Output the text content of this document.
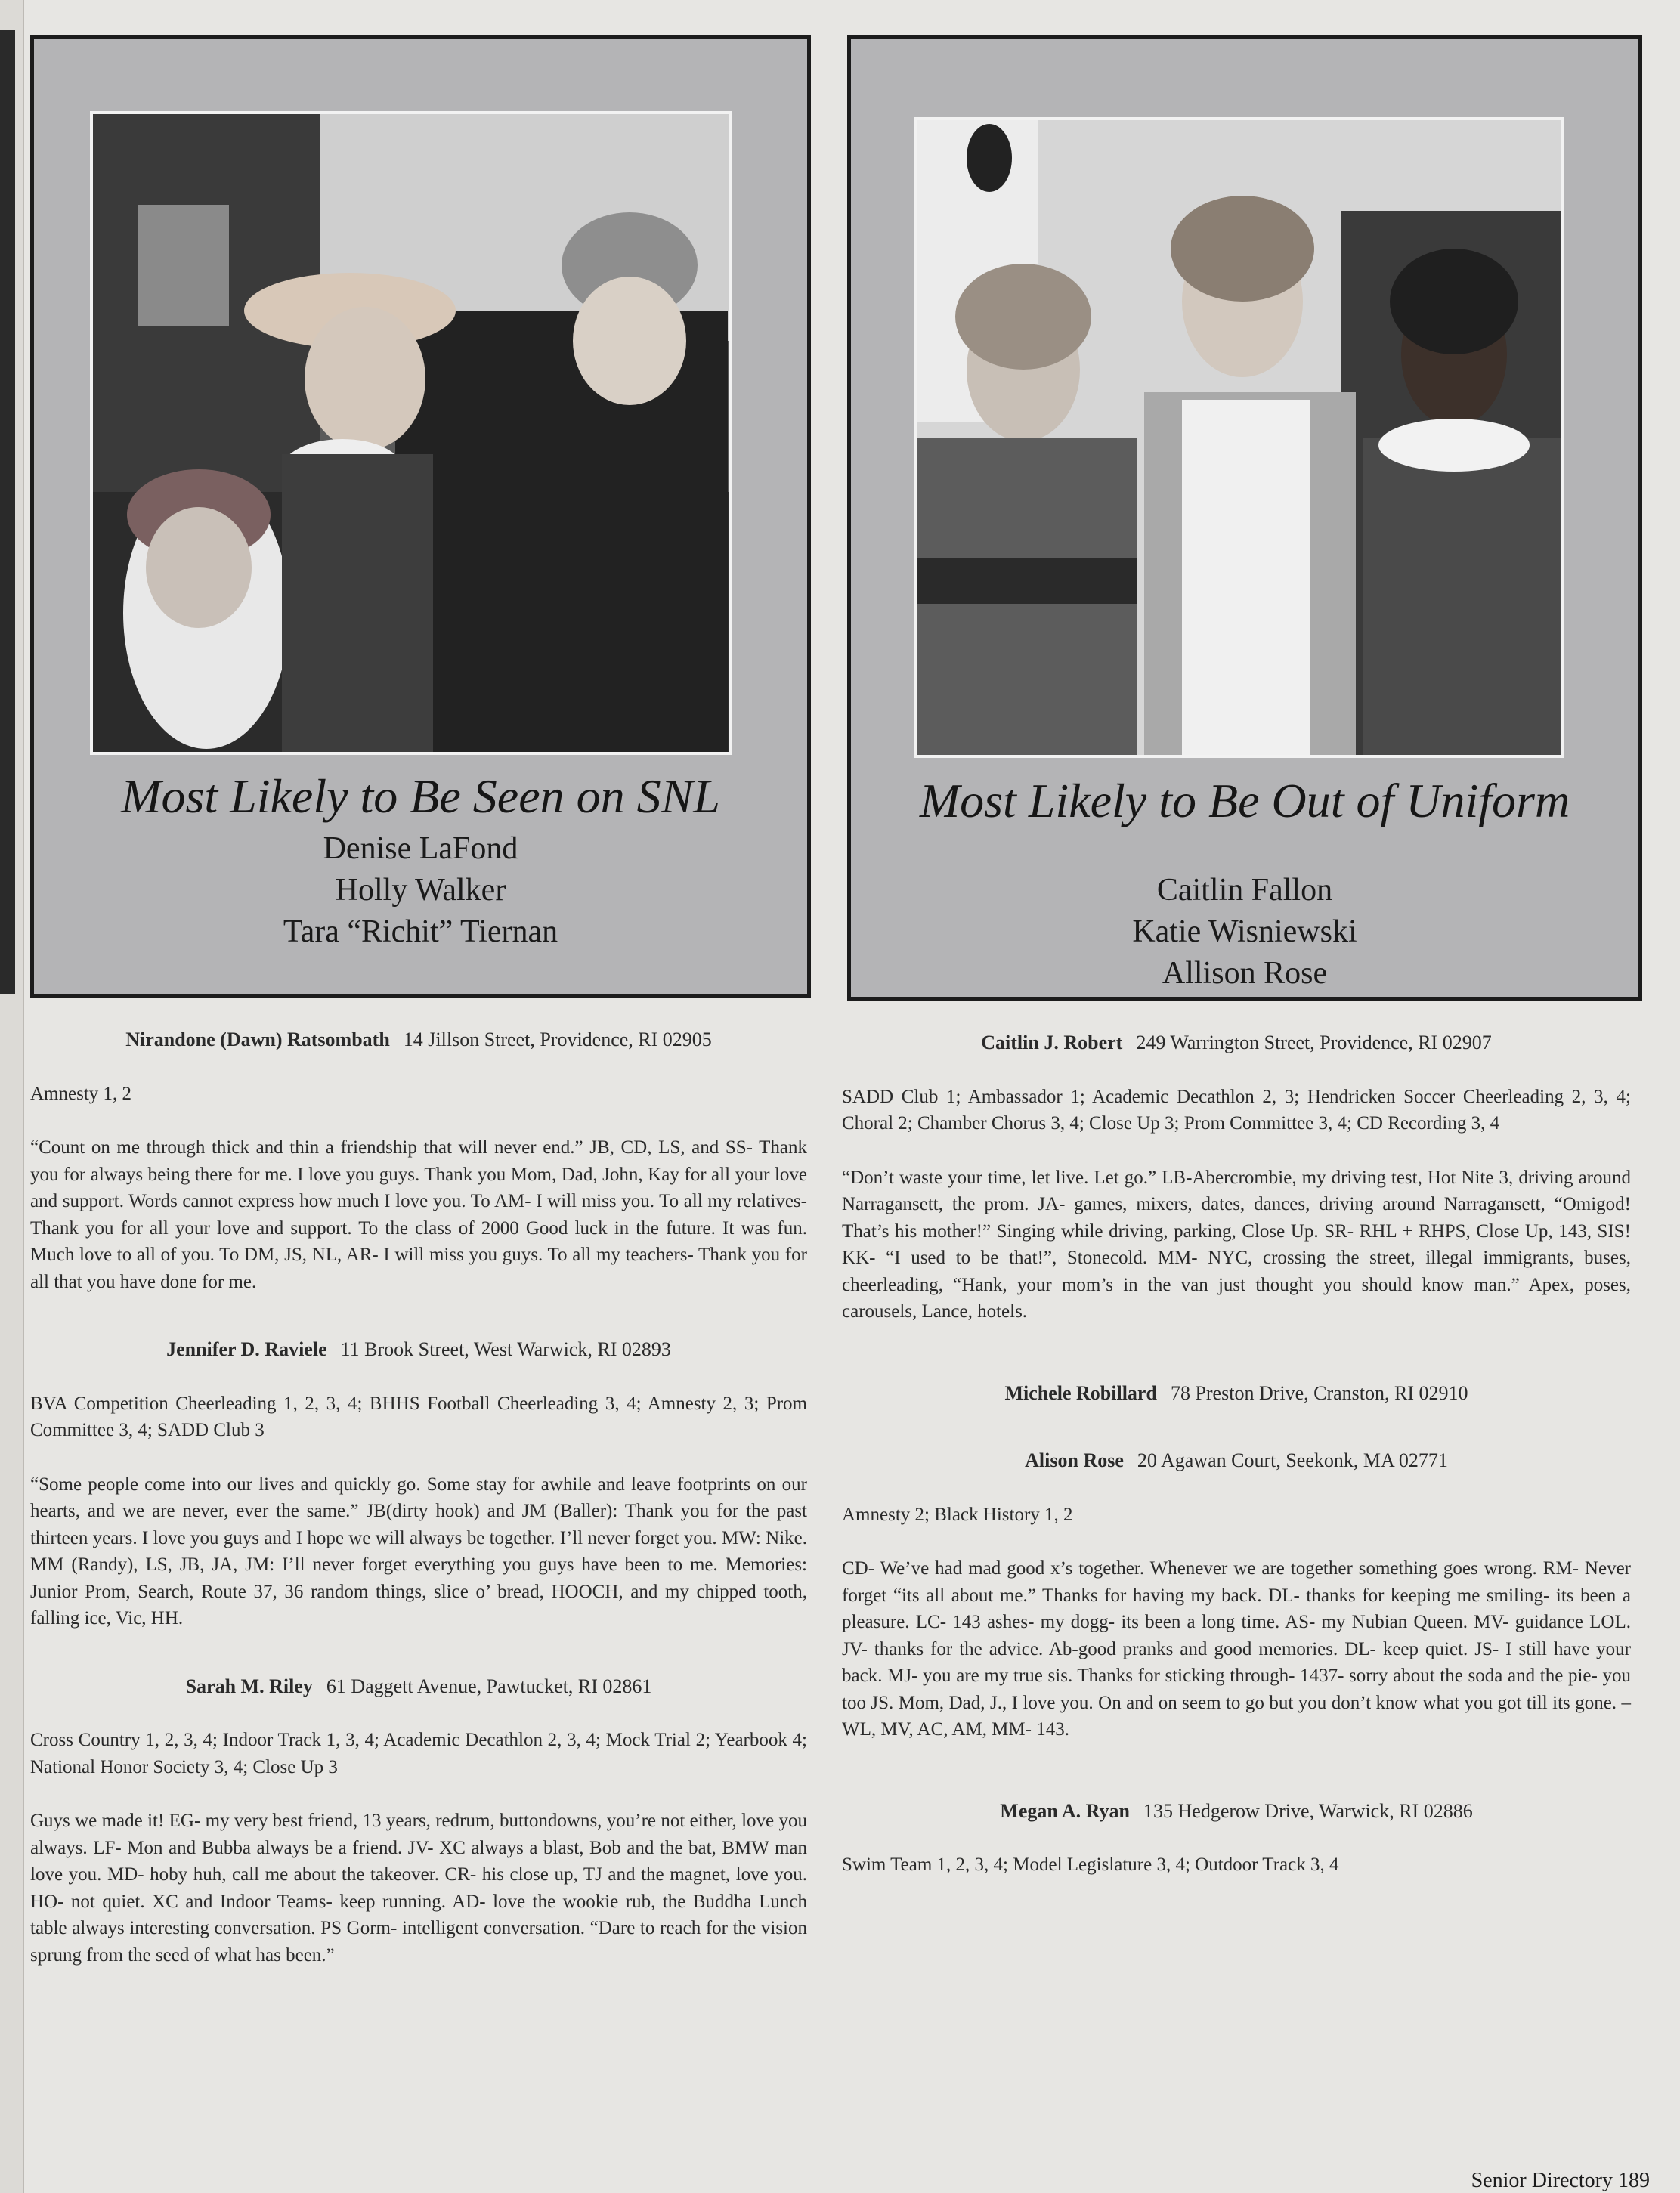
Most Likely to Be Seen on SNL
Denise LaFond
Holly Walker
Tara “Richit” Tiernan
Most Likely to Be Out of Uniform
Caitlin Fallon
Katie Wisniewski
Allison Rose

Nirandone (Dawn) Ratsombath 14 Jillson Street, Providence, RI 02905

Amnesty 1, 2

“Count on me through thick and thin a friendship that will never end.” JB, CD, LS, and SS- Thank you for always being there for me. I love you guys. Thank you Mom, Dad, John, Kay for all your love and support. Words cannot express how much I love you. To AM- I will miss you. To all my relatives- Thank you for all your love and support. To the class of 2000 Good luck in the future. It was fun. Much love to all of you. To DM, JS, NL, AR- I will miss you guys. To all my teachers- Thank you for all that you have done for me.

Jennifer D. Raviele 11 Brook Street, West Warwick, RI 02893

BVA Competition Cheerleading 1, 2, 3, 4; BHHS Football Cheerleading 3, 4; Amnesty 2, 3; Prom Committee 3, 4; SADD Club 3

“Some people come into our lives and quickly go. Some stay for awhile and leave footprints on our hearts, and we are never, ever the same.” JB(dirty hook) and JM (Baller): Thank you for the past thirteen years. I love you guys and I hope we will always be together. I’ll never forget you. MW: Nike. MM (Randy), LS, JB, JA, JM: I’ll never forget everything you guys have been to me. Memories: Junior Prom, Search, Route 37, 36 random things, slice o’ bread, HOOCH, and my chipped tooth, falling ice, Vic, HH.

Sarah M. Riley 61 Daggett Avenue, Pawtucket, RI 02861

Cross Country 1, 2, 3, 4; Indoor Track 1, 3, 4; Academic Decathlon 2, 3, 4; Mock Trial 2; Yearbook 4; National Honor Society 3, 4; Close Up 3

Guys we made it! EG- my very best friend, 13 years, redrum, buttondowns, you’re not either, love you always. LF- Mon and Bubba always be a friend. JV- XC always a blast, Bob and the bat, BMW man love you. MD- hoby huh, call me about the takeover. CR- his close up, TJ and the magnet, love you. HO- not quiet. XC and Indoor Teams- keep running. AD- love the wookie rub, the Buddha Lunch table always interesting conversation. PS Gorm- intelligent conversation. “Dare to reach for the vision sprung from the seed of what has been.”

Caitlin J. Robert 249 Warrington Street, Providence, RI 02907

SADD Club 1; Ambassador 1; Academic Decathlon 2, 3; Hendricken Soccer Cheerleading 2, 3, 4; Choral 2; Chamber Chorus 3, 4; Close Up 3; Prom Committee 3, 4; CD Recording 3, 4

“Don’t waste your time, let live. Let go.” LB-Abercrombie, my driving test, Hot Nite 3, driving around Narragansett, the prom. JA- games, mixers, dates, dances, driving around Narragansett, “Omigod! That’s his mother!” Singing while driving, parking, Close Up. SR- RHL + RHPS, Close Up, 143, SIS! KK- “I used to be that!”, Stonecold. MM- NYC, crossing the street, illegal immigrants, buses, cheerleading, “Hank, your mom’s in the van just thought you should know man.” Apex, poses, carousels, Lance, hotels.

Michele Robillard 78 Preston Drive, Cranston, RI 02910

Alison Rose 20 Agawan Court, Seekonk, MA 02771

Amnesty 2; Black History 1, 2

CD- We’ve had mad good x’s together. Whenever we are together something goes wrong. RM- Never forget “its all about me.” Thanks for having my back. DL- thanks for keeping me smiling- its been a pleasure. LC- 143 ashes- my dogg- its been a long time. AS- my Nubian Queen. MV- guidance LOL. JV- thanks for the advice. Ab-good pranks and good memories. DL- keep quiet. JS- I still have your back. MJ- you are my true sis. Thanks for sticking through- 1437- sorry about the soda and the pie- you too JS. Mom, Dad, J., I love you. On and on seem to go but you don’t know what you got till its gone. – WL, MV, AC, AM, MM- 143.

Megan A. Ryan 135 Hedgerow Drive, Warwick, RI 02886

Swim Team 1, 2, 3, 4; Model Legislature 3, 4; Outdoor Track 3, 4

Senior Directory 189
